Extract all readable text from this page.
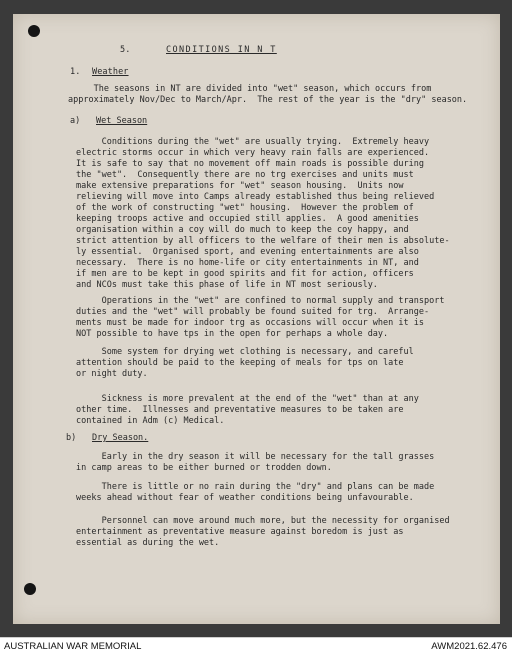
5.	CONDITIONS IN N T
1. Weather
The seasons in NT are divided into "wet" season, which occurs from
approximately Nov/Dec to March/Apr.  The rest of the year is the "dry" season.
a) Wet Season
Conditions during the "wet" are usually trying.  Extremely heavy
electric storms occur in which very heavy rain falls are experienced.
It is safe to say that no movement off main roads is possible during
the "wet".  Consequently there are no trg exercises and units must
make extensive preparations for "wet" season housing.  Units now
relieving will move into Camps already established thus being relieved
of the work of constructing "wet" housing.  However the problem of
keeping troops active and occupied still applies.  A good amenities
organisation within a coy will do much to keep the coy happy, and
strict attention by all officers to the welfare of their men is absolute-
ly essential.  Organised sport, and evening entertainments are also
necessary.  There is no home-life or city entertainments in NT, and
if men are to be kept in good spirits and fit for action, officers
and NCOs must take this phase of life in NT most seriously.
Operations in the "wet" are confined to normal supply and transport
duties and the "wet" will probably be found suited for trg.  Arrange-
ments must be made for indoor trg as occasions will occur when it is
NOT possible to have tps in the open for perhaps a whole day.
Some system for drying wet clothing is necessary, and careful
attention should be paid to the keeping of meals for tps on late
or night duty.
Sickness is more prevalent at the end of the "wet" than at any
other time.  Illnesses and preventative measures to be taken are
contained in Adm (c) Medical.
b) Dry Season.
Early in the dry season it will be necessary for the tall grasses
in camp areas to be either burned or trodden down.
There is little or no rain during the "dry" and plans can be made
weeks ahead without fear of weather conditions being unfavourable.
Personnel can move around much more, but the necessity for organised
entertainment as preventative measure against boredom is just as
essential as during the wet.
AUSTRALIAN WAR MEMORIAL	AWM2021.62.476
